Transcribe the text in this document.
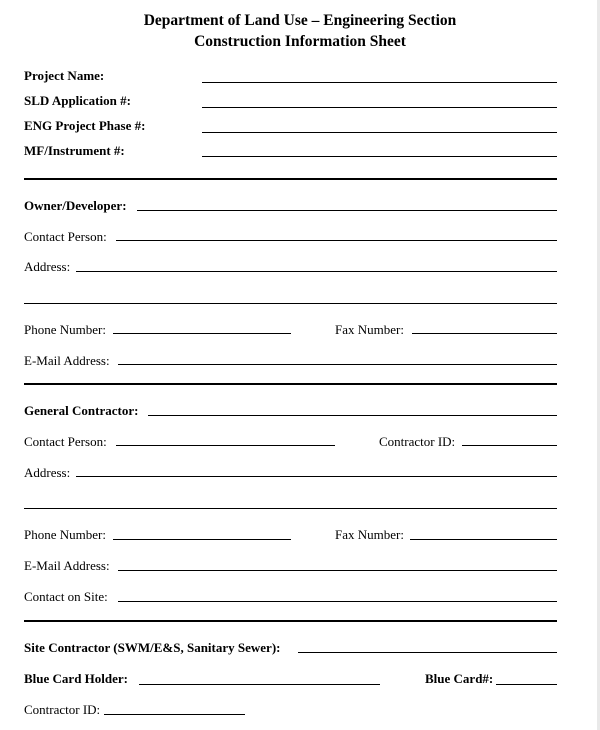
Department of Land Use – Engineering Section
Construction Information Sheet
Project Name:
SLD Application #:
ENG Project Phase #:
MF/Instrument #:
Owner/Developer:
Contact Person:
Address:
Phone Number:	Fax Number:
E-Mail Address:
General Contractor:
Contact Person:	Contractor ID:
Address:
Phone Number:	Fax Number:
E-Mail Address:
Contact on Site:
Site Contractor (SWM/E&S, Sanitary Sewer):
Blue Card Holder:	Blue Card#:
Contractor ID:
